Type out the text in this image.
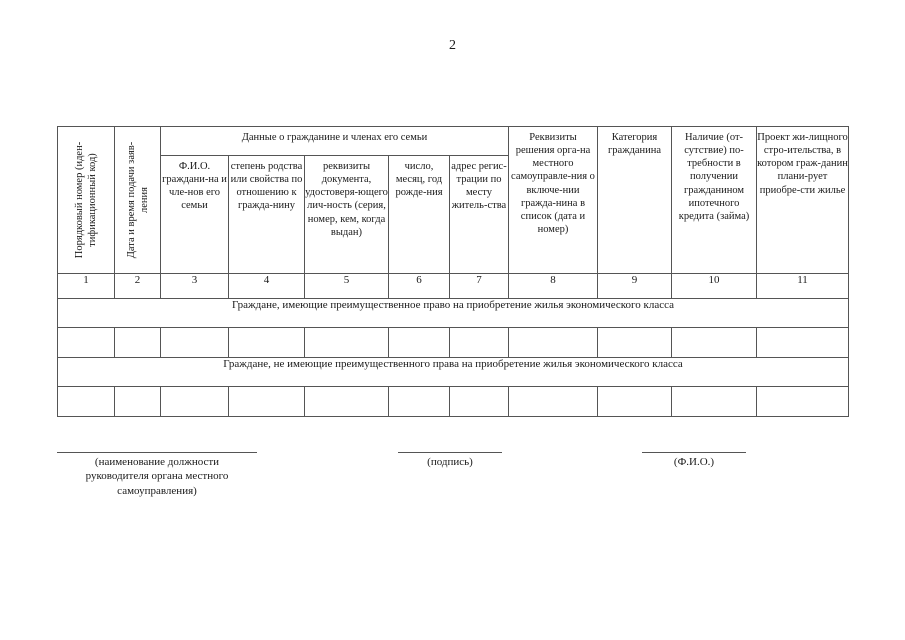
2
Порядковый номер (иден-тификационный код)	Дата и время подачи заяв-ления	Данные о гражданине и членах его семьи					Реквизиты решения орга-на местного самоуправле-ния о включе-нии гражда-нина в список (дата и номер)	Категория гражданина	Наличие (от-сутствие) по-требности в получении гражданином ипотечного кредита (займа)	Проект жи-лищного стро-ительства, в котором граж-данин плани-рует приобре-сти жилье
		Ф.И.О. граждани-на и чле-нов его семьи	степень родства или свойства по отношению к гражда-нину	реквизиты документа, удостоверя-ющего лич-ность (серия, номер, кем, когда выдан)	число, месяц, год рожде-ния	адрес регис-трации по месту житель-ства				
1	2	3	4	5	6	7	8	9	10	11
Граждане, имеющие преимущественное право на приобретение жилья экономического класса										

Граждане, не имеющие преимущественного права на приобретение жилья экономического класса										

(наименование должности руководителя органа местного самоуправления)
(подпись)	(Ф.И.О.)
